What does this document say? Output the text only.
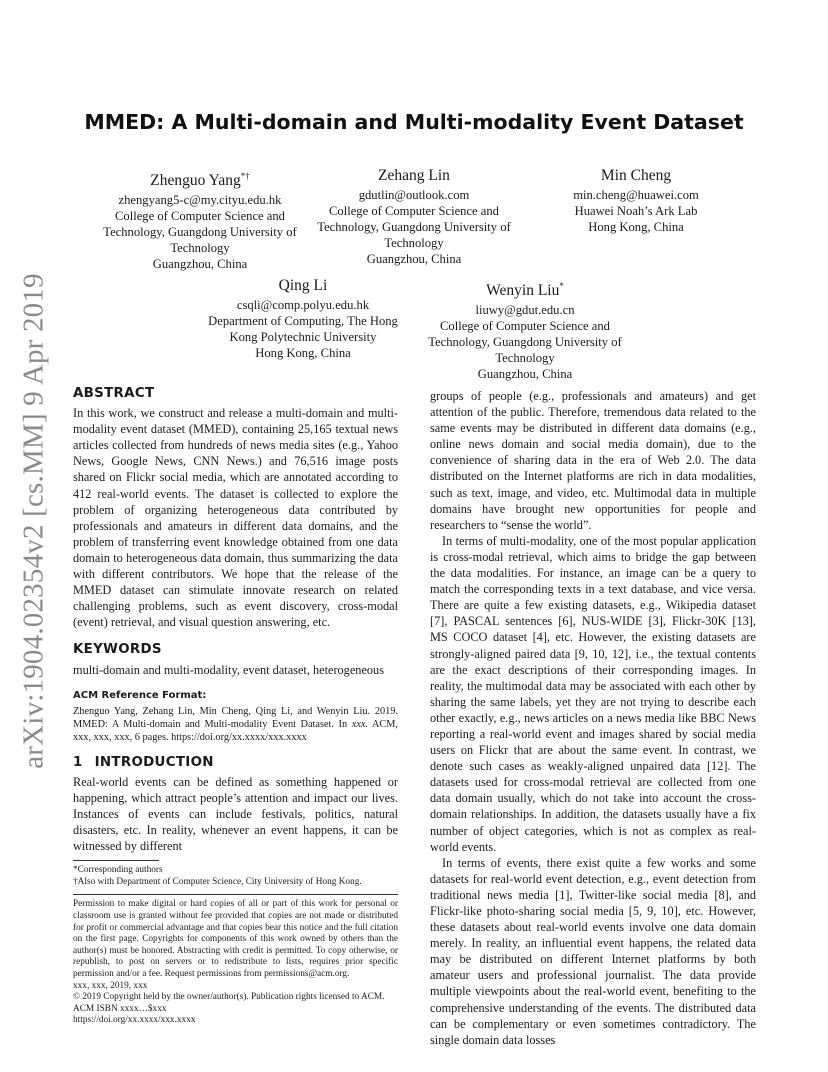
arXiv:1904.02354v2 [cs.MM] 9 Apr 2019
MMED: A Multi-domain and Multi-modality Event Dataset
Zhenguo Yang*†
zhengyang5-c@my.cityu.edu.hk
College of Computer Science and
Technology, Guangdong University of
Technology
Guangzhou, China
Zehang Lin
gdutlin@outlook.com
College of Computer Science and
Technology, Guangdong University of
Technology
Guangzhou, China
Min Cheng
min.cheng@huawei.com
Huawei Noah’s Ark Lab
Hong Kong, China
Qing Li
csqli@comp.polyu.edu.hk
Department of Computing, The Hong
Kong Polytechnic University
Hong Kong, China
Wenyin Liu*
liuwy@gdut.edu.cn
College of Computer Science and
Technology, Guangdong University of
Technology
Guangzhou, China
ABSTRACT

In this work, we construct and release a multi-domain and multi-modality event dataset (MMED), containing 25,165 textual news articles collected from hundreds of news media sites (e.g., Yahoo News, Google News, CNN News.) and 76,516 image posts shared on Flickr social media, which are annotated according to 412 real-world events. The dataset is collected to explore the problem of organizing heterogeneous data contributed by professionals and amateurs in different data domains, and the problem of transferring event knowledge obtained from one data domain to heterogeneous data domain, thus summarizing the data with different contributors. We hope that the release of the MMED dataset can stimulate innovate research on related challenging problems, such as event discovery, cross-modal (event) retrieval, and visual question answering, etc.

KEYWORDS

multi-domain and multi-modality, event dataset, heterogeneous

ACM Reference Format:
Zhenguo Yang, Zehang Lin, Min Cheng, Qing Li, and Wenyin Liu. 2019. MMED: A Multi-domain and Multi-modality Event Dataset. In xxx. ACM, xxx, xxx, xxx, 6 pages. https://doi.org/xx.xxxx/xxx.xxxx
1 INTRODUCTION

Real-world events can be defined as something happened or happening, which attract people’s attention and impact our lives. Instances of events can include festivals, politics, natural disasters, etc. In reality, whenever an event happens, it can be witnessed by different

*Corresponding authors
†Also with Department of Computer Science, City University of Hong Kong.
Permission to make digital or hard copies of all or part of this work for personal or classroom use is granted without fee provided that copies are not made or distributed for profit or commercial advantage and that copies bear this notice and the full citation on the first page. Copyrights for components of this work owned by others than the author(s) must be honored. Abstracting with credit is permitted. To copy otherwise, or republish, to post on servers or to redistribute to lists, requires prior specific permission and/or a fee. Request permissions from permissions@acm.org.
xxx, xxx, 2019, xxx
© 2019 Copyright held by the owner/author(s). Publication rights licensed to ACM.
ACM ISBN xxxx…$xxx
https://doi.org/xx.xxxx/xxx.xxxx

groups of people (e.g., professionals and amateurs) and get attention of the public. Therefore, tremendous data related to the same events may be distributed in different data domains (e.g., online news domain and social media domain), due to the convenience of sharing data in the era of Web 2.0. The data distributed on the Internet platforms are rich in data modalities, such as text, image, and video, etc. Multimodal data in multiple domains have brought new opportunities for people and researchers to “sense the world”.

In terms of multi-modality, one of the most popular application is cross-modal retrieval, which aims to bridge the gap between the data modalities. For instance, an image can be a query to match the corresponding texts in a text database, and vice versa. There are quite a few existing datasets, e.g., Wikipedia dataset [7], PASCAL sentences [6], NUS-WIDE [3], Flickr-30K [13], MS COCO dataset [4], etc. However, the existing datasets are strongly-aligned paired data [9, 10, 12], i.e., the textual contents are the exact descriptions of their corresponding images. In reality, the multimodal data may be associated with each other by sharing the same labels, yet they are not trying to describe each other exactly, e.g., news articles on a news media like BBC News reporting a real-world event and images shared by social media users on Flickr that are about the same event. In contrast, we denote such cases as weakly-aligned unpaired data [12]. The datasets used for cross-modal retrieval are collected from one data domain usually, which do not take into account the cross-domain relationships. In addition, the datasets usually have a fix number of object categories, which is not as complex as real-world events.

In terms of events, there exist quite a few works and some datasets for real-world event detection, e.g., event detection from traditional news media [1], Twitter-like social media [8], and Flickr-like photo-sharing social media [5, 9, 10], etc. However, these datasets about real-world events involve one data domain merely. In reality, an influential event happens, the related data may be distributed on different Internet platforms by both amateur users and professional journalist. The data provide multiple viewpoints about the real-world event, benefiting to the comprehensive understanding of the events. The distributed data can be complementary or even sometimes contradictory. The single domain data losses
